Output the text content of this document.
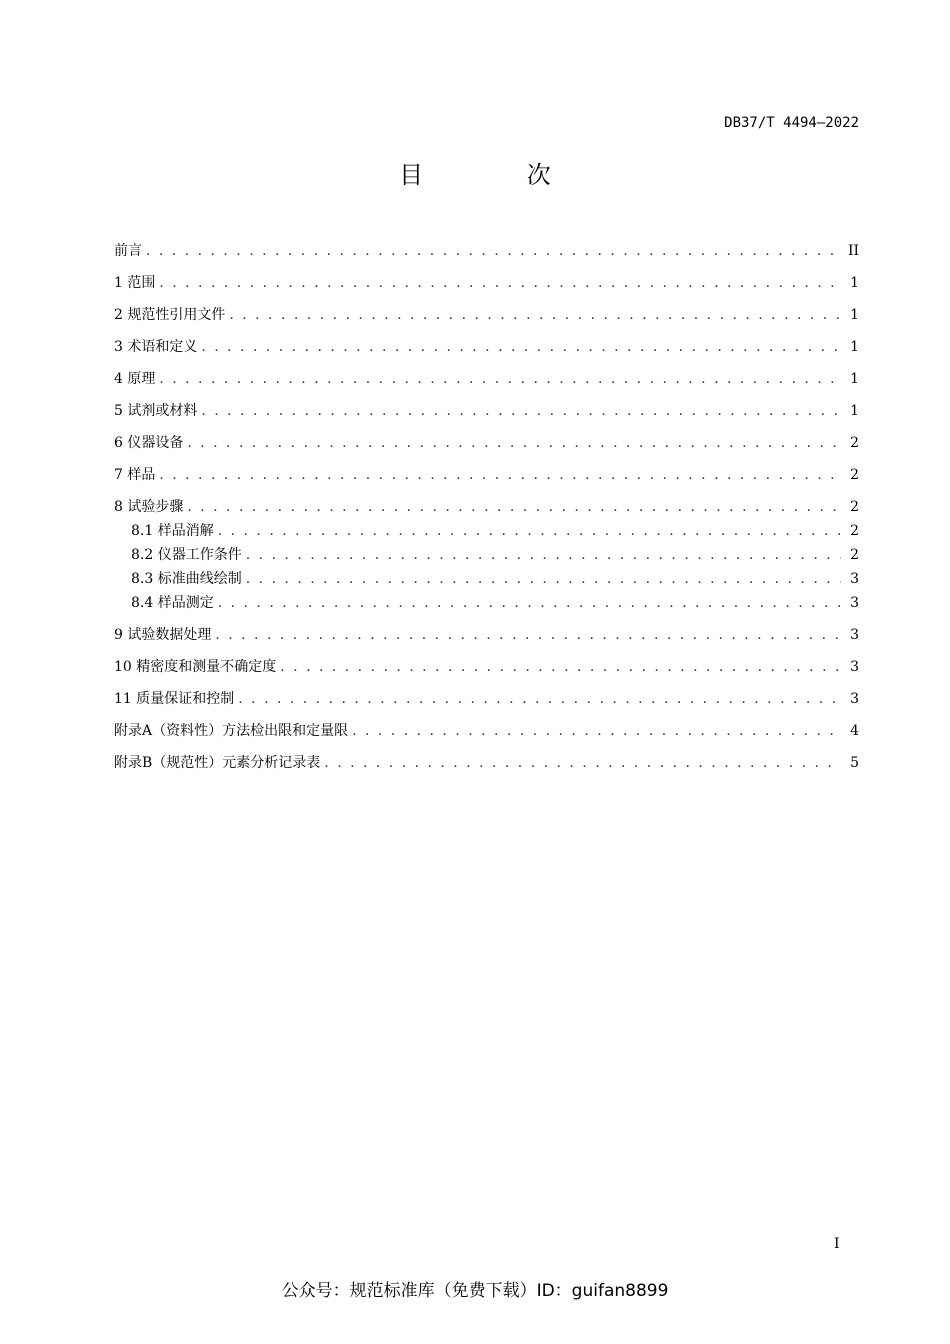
DB37/T 4494—2022
目 次
前言 . . .	II
1 范围 . . .	1
2 规范性引用文件 . . .	1
3 术语和定义 . . .	1
4 原理 . . .	1
5 试剂或材料 . . .	1
6 仪器设备 . . .	2
7 样品 . . .	2
8 试验步骤 . . .	2
8.1 样品消解 . . .	2
8.2 仪器工作条件 . . .	2
8.3 标准曲线绘制 . . .	3
8.4 样品测定 . . .	3
9 试验数据处理 . . .	3
10 精密度和测量不确定度 . . .	3
11 质量保证和控制 . . .	3
附录A（资料性）方法检出限和定量限 . . .	4
附录B（规范性）元素分析记录表 . . .	5
I
公众号：规范标准库（免费下载）ID：guifan8899
